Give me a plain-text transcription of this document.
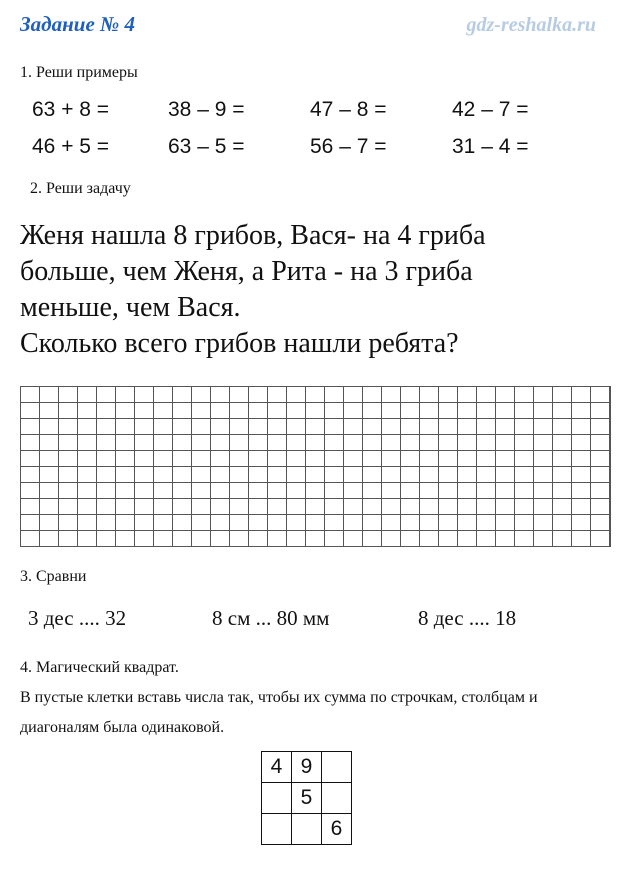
Задание № 4	gdz-reshalka.ru
1. Реши примеры
63 + 8 =	38 – 9 =	47 – 8 =	42 – 7 =
46 + 5 =	63 – 5 =	56 – 7 =	31 – 4 =
2. Реши задачу

Женя нашла 8 грибов, Вася- на 4 гриба

больше, чем Женя, а Рита - на 3 гриба

меньше, чем Вася.

Сколько всего грибов нашли ребята?

3. Сравни
3 дес .... 32	8 см ... 80 мм	8 дес .... 18
4. Магический квадрат.
В пустые клетки вставь числа так, чтобы их сумма по строчкам, столбцам и диагоналям была одинаковой.
4	9	
	5	
		6
